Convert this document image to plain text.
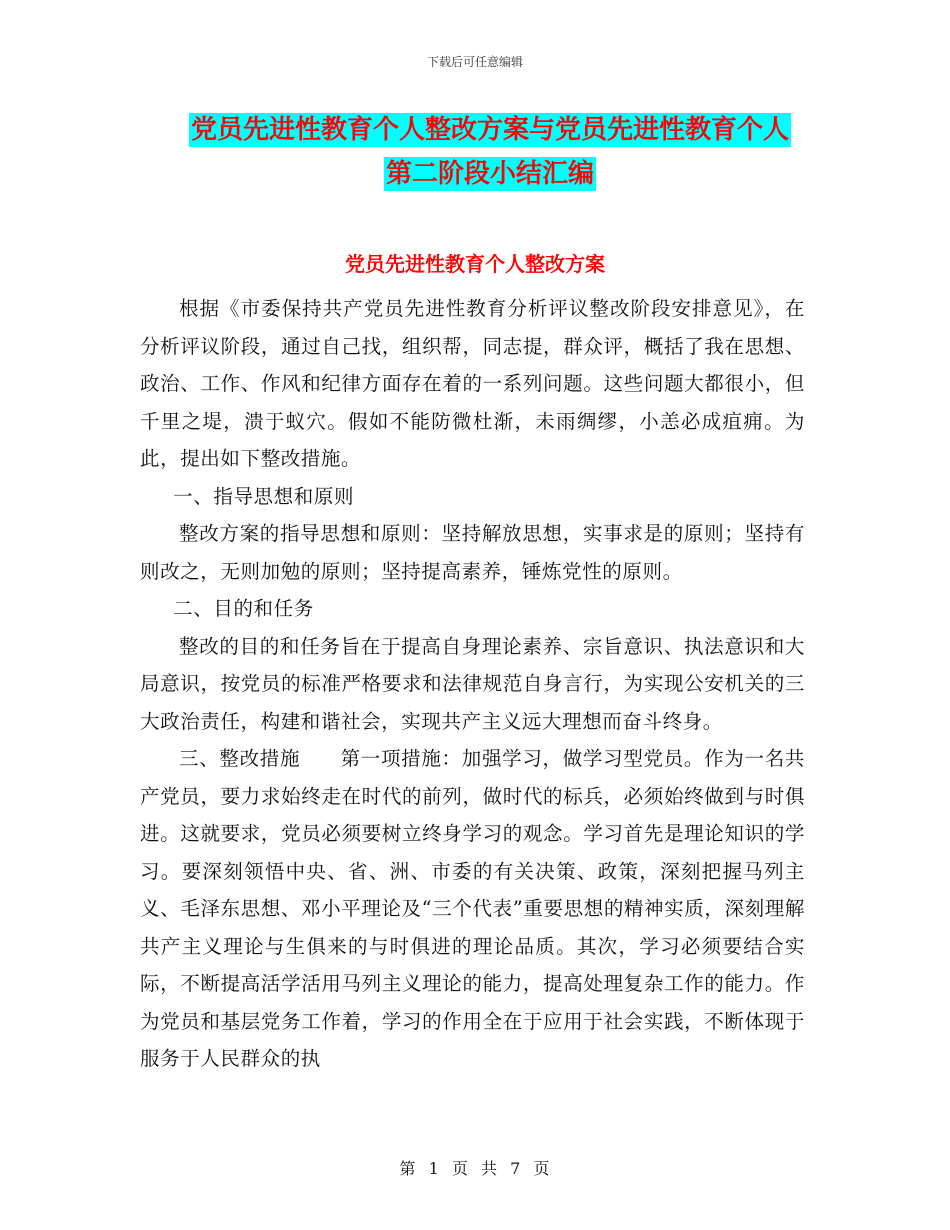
下载后可任意编辑
党员先进性教育个人整改方案与党员先进性教育个人
第二阶段小结汇编
党员先进性教育个人整改方案

根据《市委保持共产党员先进性教育分析评议整改阶段安排意见》，在分析评议阶段，通过自己找，组织帮，同志提，群众评，概括了我在思想、政治、工作、作风和纪律方面存在着的一系列问题。这些问题大都很小，但千里之堤，溃于蚁穴。假如不能防微杜渐，未雨绸缪，小恙必成疽痈。为此，提出如下整改措施。

一、指导思想和原则

整改方案的指导思想和原则：坚持解放思想，实事求是的原则；坚持有则改之，无则加勉的原则；坚持提高素养，锤炼党性的原则。

二、目的和任务

整改的目的和任务旨在于提高自身理论素养、宗旨意识、执法意识和大局意识，按党员的标准严格要求和法律规范自身言行，为实现公安机关的三大政治责任，构建和谐社会，实现共产主义远大理想而奋斗终身。

三、整改措施　　第一项措施：加强学习，做学习型党员。作为一名共产党员，要力求始终走在时代的前列，做时代的标兵，必须始终做到与时俱进。这就要求，党员必须要树立终身学习的观念。学习首先是理论知识的学习。要深刻领悟中央、省、洲、市委的有关决策、政策，深刻把握马列主义、毛泽东思想、邓小平理论及“三个代表”重要思想的精神实质，深刻理解共产主义理论与生俱来的与时俱进的理论品质。其次，学习必须要结合实际，不断提高活学活用马列主义理论的能力，提高处理复杂工作的能力。作为党员和基层党务工作着，学习的作用全在于应用于社会实践，不断体现于服务于人民群众的执

第 1 页 共 7 页
